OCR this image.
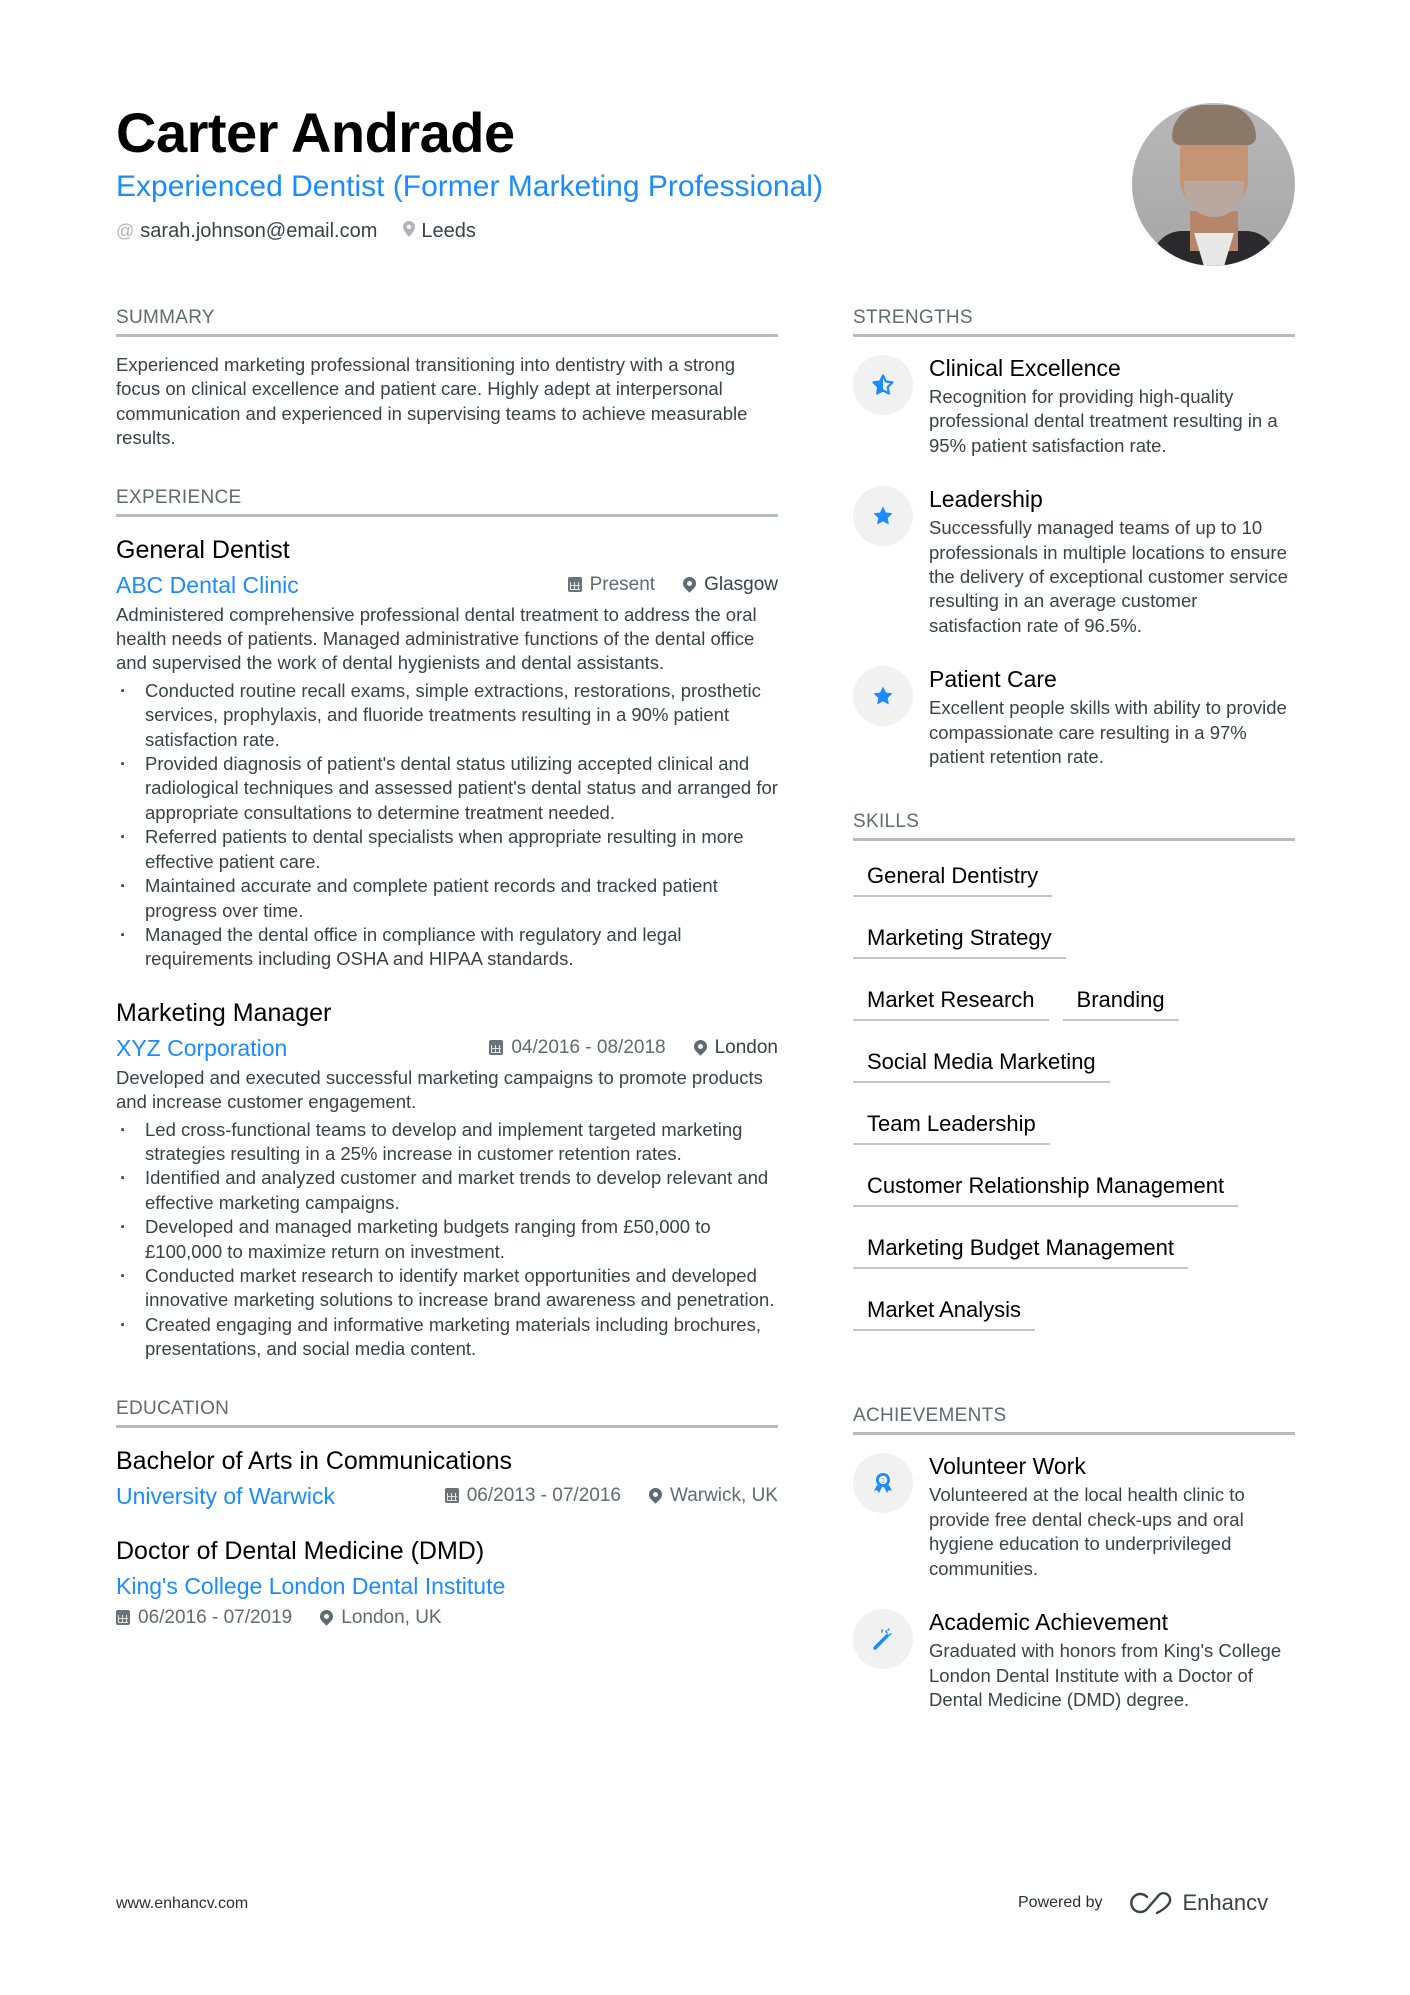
Carter Andrade
Experienced Dentist (Former Marketing Professional)
@ sarah.johnson@email.com Leeds
SUMMARY
Experienced marketing professional transitioning into dentistry with a strong focus on clinical excellence and patient care. Highly adept at interpersonal communication and experienced in supervising teams to achieve measurable results.
EXPERIENCE
General Dentist
ABC Dental Clinic	Present	Glasgow
Administered comprehensive professional dental treatment to address the oral health needs of patients. Managed administrative functions of the dental office and supervised the work of dental hygienists and dental assistants.
· Conducted routine recall exams, simple extractions, restorations, prosthetic services, prophylaxis, and fluoride treatments resulting in a 90% patient satisfaction rate.
· Provided diagnosis of patient's dental status utilizing accepted clinical and radiological techniques and assessed patient's dental status and arranged for appropriate consultations to determine treatment needed.
· Referred patients to dental specialists when appropriate resulting in more effective patient care.
· Maintained accurate and complete patient records and tracked patient progress over time.
· Managed the dental office in compliance with regulatory and legal requirements including OSHA and HIPAA standards.
Marketing Manager
XYZ Corporation	04/2016 - 08/2018	London
Developed and executed successful marketing campaigns to promote products and increase customer engagement.
· Led cross-functional teams to develop and implement targeted marketing strategies resulting in a 25% increase in customer retention rates.
· Identified and analyzed customer and market trends to develop relevant and effective marketing campaigns.
· Developed and managed marketing budgets ranging from £50,000 to £100,000 to maximize return on investment.
· Conducted market research to identify market opportunities and developed innovative marketing solutions to increase brand awareness and penetration.
· Created engaging and informative marketing materials including brochures, presentations, and social media content.
EDUCATION
Bachelor of Arts in Communications
University of Warwick	06/2013 - 07/2016	Warwick, UK
Doctor of Dental Medicine (DMD)
King's College London Dental Institute
06/2016 - 07/2019	London, UK
STRENGTHS
Clinical Excellence
Recognition for providing high-quality professional dental treatment resulting in a 95% patient satisfaction rate.
Leadership
Successfully managed teams of up to 10 professionals in multiple locations to ensure the delivery of exceptional customer service resulting in an average customer satisfaction rate of 96.5%.
Patient Care
Excellent people skills with ability to provide compassionate care resulting in a 97% patient retention rate.
SKILLS
General Dentistry
Marketing Strategy
Market Research	Branding
Social Media Marketing
Team Leadership
Customer Relationship Management
Marketing Budget Management
Market Analysis
ACHIEVEMENTS
1
Volunteer Work
Volunteered at the local health clinic to provide free dental check-ups and oral hygiene education to underprivileged communities.
Academic Achievement
Graduated with honors from King's College London Dental Institute with a Doctor of Dental Medicine (DMD) degree.
www.enhancv.com	Powered by	Enhancv
